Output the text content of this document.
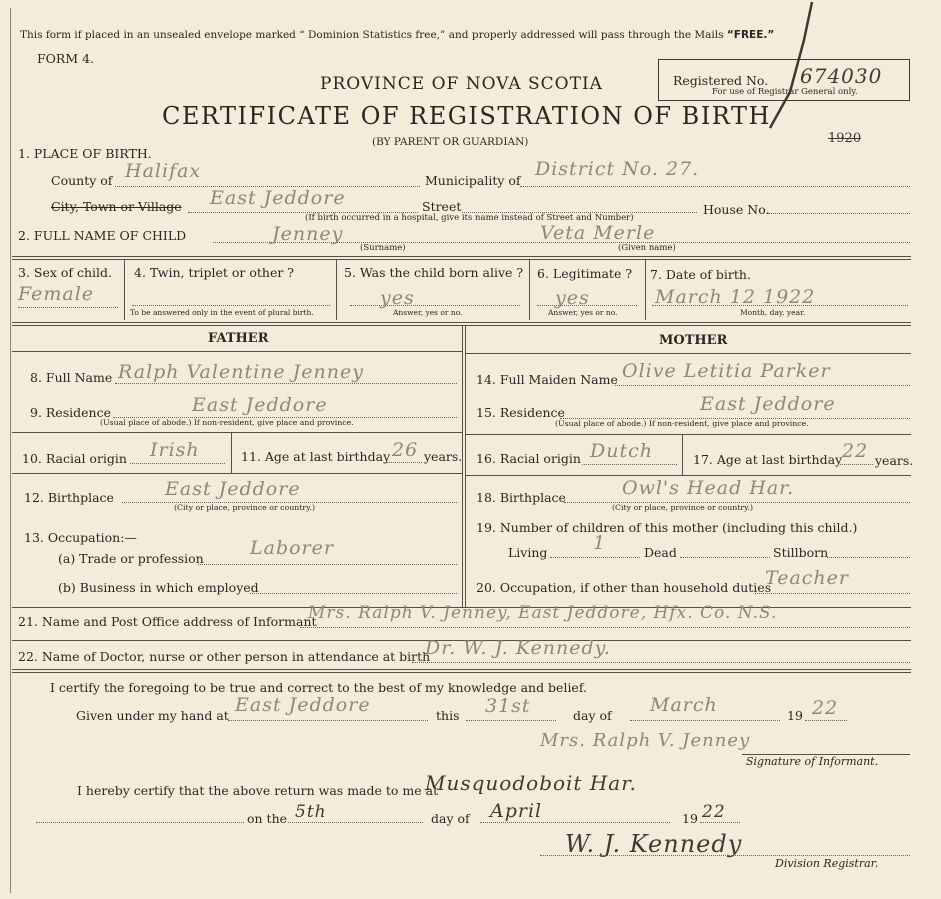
This form if placed in an unsealed envelope marked “ Dominion Statistics free,” and properly addressed will pass through the Mails “FREE.”
FORM 4.
Registered No. 674030
For use of Registrar General only.
PROVINCE OF NOVA SCOTIA
CERTIFICATE OF REGISTRATION OF BIRTH
(BY PARENT OR GUARDIAN)	1920
1. PLACE OF BIRTH.
County of Halifax	Municipality of
District No. 27.
City, Town or Village East Jeddore	Street	House No.
(If birth occurred in a hospital, give its name instead of Street and Number)
2. FULL NAME OF CHILD	Jenney	Veta Merle
(Surname)	(Given name)
3. Sex of child.
Female
4. Twin, triplet or other ?
To be answered only in the event of plural birth.
5. Was the child born alive ?
yes
Answer, yes or no.
6. Legitimate ?
yes
Answer, yes or no.
7. Date of birth.
March 12 1922
Month, day, year.
FATHER	MOTHER
8. Full Name Ralph Valentine Jenney
9. Residence	East Jeddore
(Usual place of abode.) If non-resident, give place and province.
10. Racial origin Irish	11. Age at last birthday 26 years.
12. Birthplace	East Jeddore
(City or place, province or country.)
13. Occupation:—
(a) Trade or profession Laborer
(b) Business in which employed
14. Full Maiden Name Olive Letitia Parker
15. Residence	East Jeddore
(Usual place of abode.) If non-resident, give place and province.
16. Racial origin Dutch	17. Age at last birthday 22 years.
18. Birthplace	Owl's Head Har.
(City or place, province or country.)
19. Number of children of this mother (including this child.)
Living 1	Dead	Stillborn
20. Occupation, if other than household duties
Teacher
21. Name and Post Office address of Informant
Mrs. Ralph V. Jenney, East Jeddore, Hfx. Co. N.S.
22. Name of Doctor, nurse or other person in attendance at birth
Dr. W. J. Kennedy.
I certify the foregoing to be true and correct to the best of my knowledge and belief.
Given under my hand at East Jeddore	this 31st	day of March	19 22
Mrs. Ralph V. Jenney
Signature of Informant.
I hereby certify that the above return was made to me at
Musquodoboit Har.
on the 5th	day of April	19 22
W. J. Kennedy
Division Registrar.
